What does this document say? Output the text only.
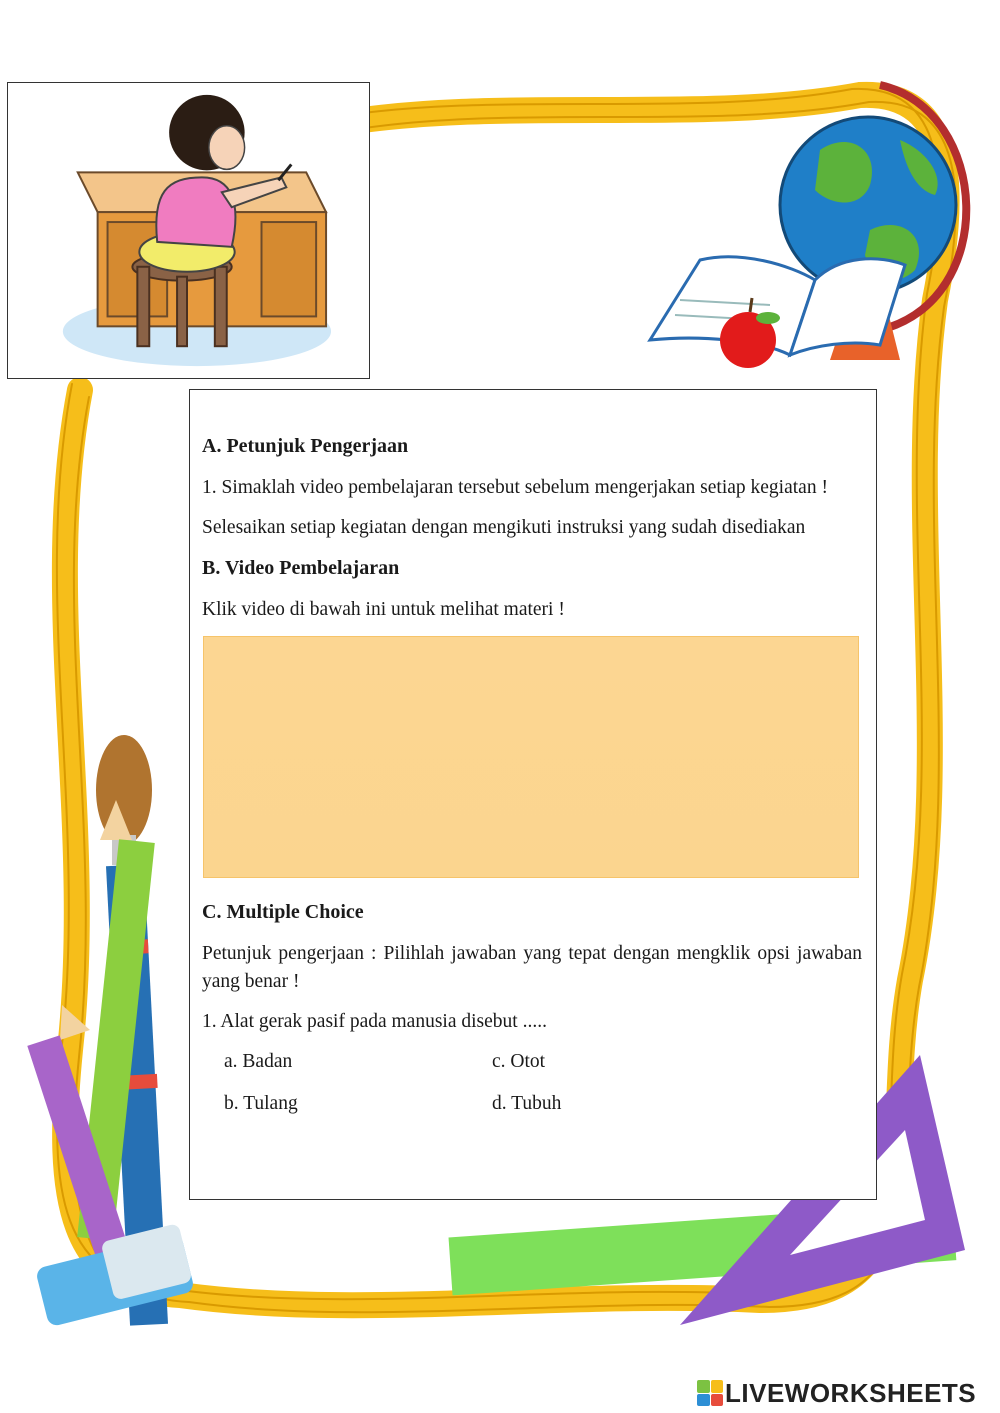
A. Petunjuk Pengerjaan

1. Simaklah video pembelajaran tersebut sebelum mengerjakan setiap kegiatan !

Selesaikan setiap kegiatan dengan mengikuti instruksi yang sudah disediakan

B. Video Pembelajaran

Klik video di bawah ini untuk melihat materi !

C. Multiple Choice

Petunjuk pengerjaan : Pilihlah jawaban yang tepat dengan mengklik opsi jawaban yang benar !

1. Alat gerak pasif pada manusia disebut .....

a. Badan	c. Otot
b. Tulang	d. Tubuh
LIVEWORKSHEETS
